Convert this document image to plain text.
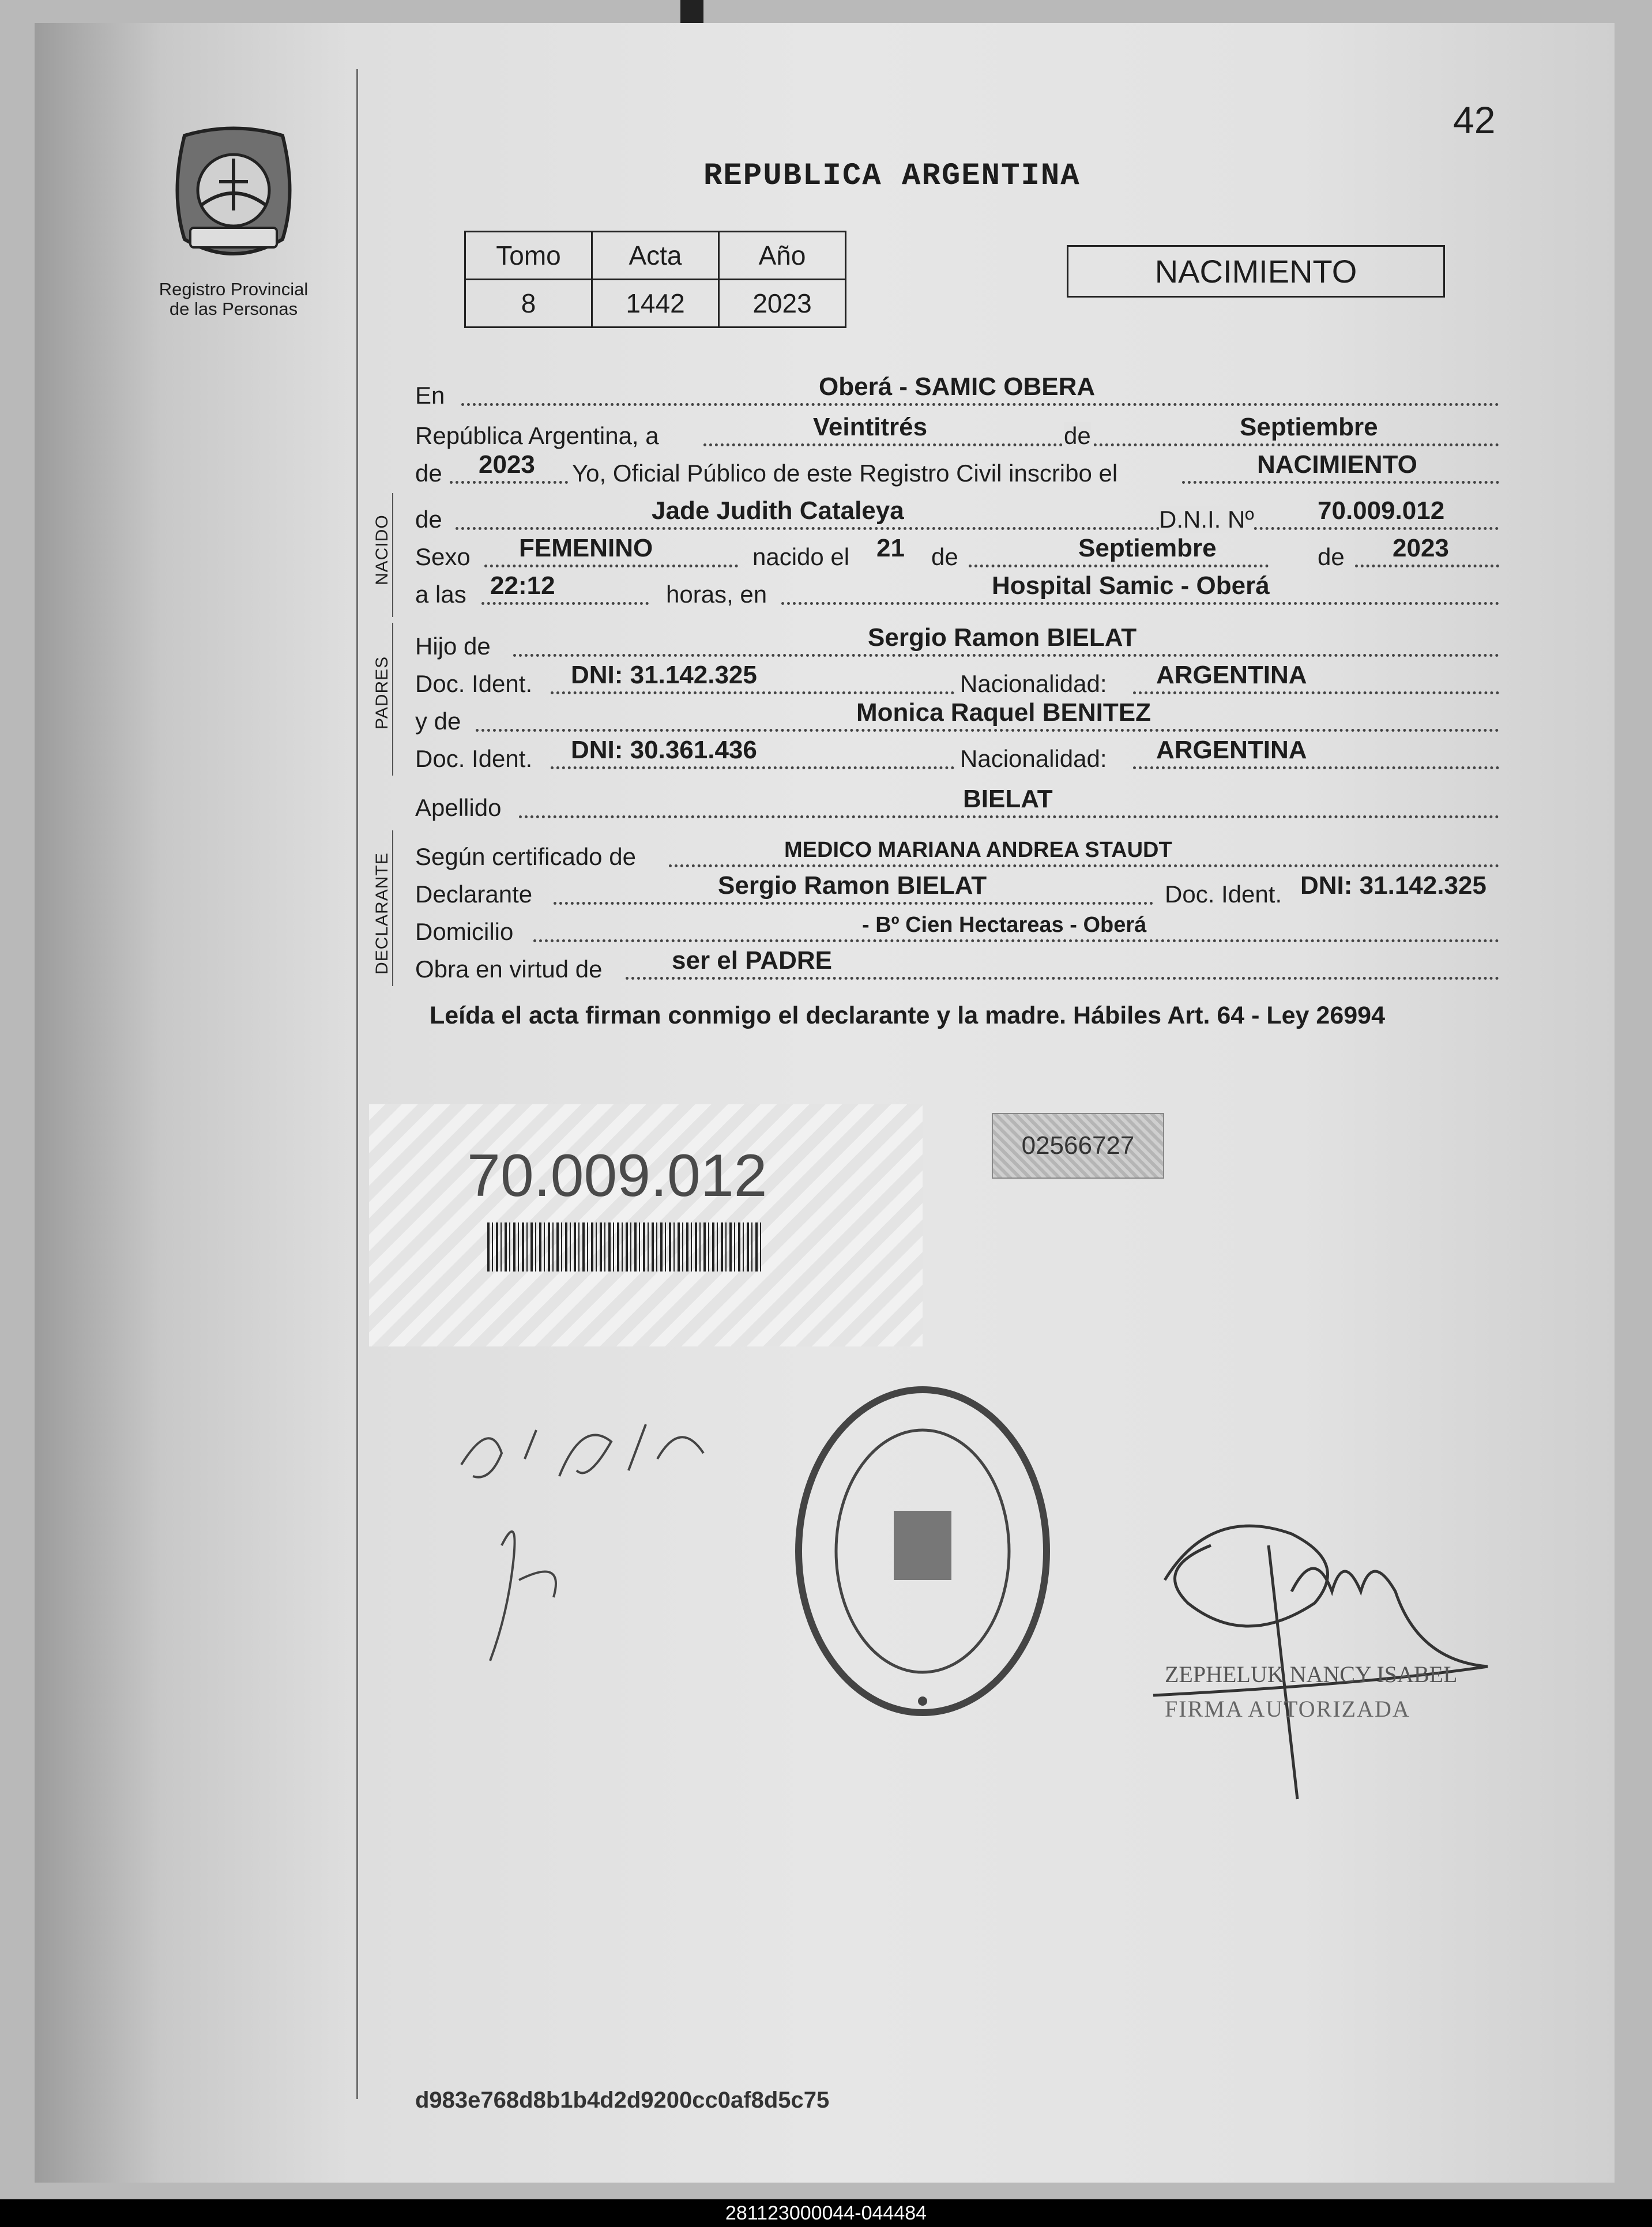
42
Registro Provincial
de las Personas
REPUBLICA ARGENTINA
Tomo	Acta	Año
8	1442	2023
NACIMIENTO
En	Oberá - SAMIC OBERA
República Argentina, a	Veintitrés	de	Septiembre
de 2023 Yo, Oficial Público de este Registro Civil inscribo el	NACIMIENTO
NACIDO de	Jade Judith Cataleya	D.N.I. Nº	70.009.012
Sexo FEMENINO	nacido el 21 de	Septiembre	de 2023
a las 22:12	horas, en	Hospital Samic - Oberá
PADRES
Hijo de	Sergio Ramon BIELAT
Doc. Ident. DNI: 31.142.325	Nacionalidad: ARGENTINA
y de	Monica Raquel BENITEZ
Doc. Ident. DNI: 30.361.436	Nacionalidad: ARGENTINA
Apellido	BIELAT
DECLARANTE Según certificado de	MEDICO MARIANA ANDREA STAUDT
Declarante	Sergio Ramon BIELAT	Doc. Ident. DNI: 31.142.325
Domicilio	- Bº Cien Hectareas - Oberá
Obra en virtud de	ser el PADRE
Leída el acta firman conmigo el declarante y la madre. Hábiles Art. 64 - Ley 26994
70.009.012	02566727
ZEPHELUK NANCY ISABEL
FIRMA AUTORIZADA
d983e768d8b1b4d2d9200cc0af8d5c75
281123000044-044484
